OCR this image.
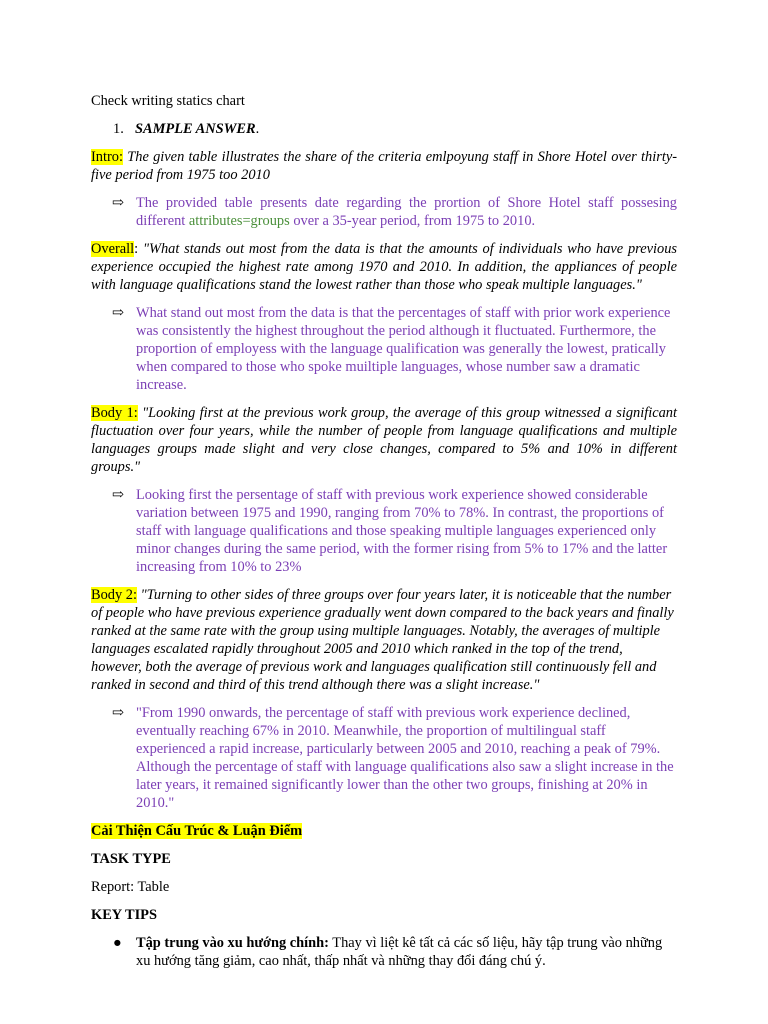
Check writing statics chart

1. SAMPLE ANSWER.

Intro: The given table illustrates the share of the criteria emlpoyung staff in Shore Hotel over thirty-five period from 1975 too 2010

⇨ The provided table presents date regarding the prortion of Shore Hotel staff possesing different attributes=groups over a 35-year period, from 1975 to 2010.

Overall: "What stands out most from the data is that the amounts of individuals who have previous experience occupied the highest rate among 1970 and 2010. In addition, the appliances of people with language qualifications stand the lowest rather than those who speak multiple languages."

⇨ What stand out most from the data is that the percentages of staff with prior work experience was consistently the highest throughout the period although it fluctuated. Furthermore, the proportion of employess with the language qualification was generally the lowest, pratically when compared to those who spoke muiltiple languages, whose number saw a dramatic increase.

Body 1: "Looking first at the previous work group, the average of this group witnessed a significant fluctuation over four years, while the number of people from language qualifications and multiple languages groups made slight and very close changes, compared to 5% and 10% in different groups."

⇨ Looking first the persentage of staff with previous work experience showed considerable variation between 1975 and 1990, ranging from 70% to 78%. In contrast, the proportions of staff with language qualifications and those speaking multiple languages experienced only minor changes during the same period, with the former rising from 5% to 17% and the latter increasing from 10% to 23%

Body 2: "Turning to other sides of three groups over four years later, it is noticeable that the number of people who have previous experience gradually went down compared to the back years and finally ranked at the same rate with the group using multiple languages. Notably, the averages of multiple languages escalated rapidly throughout 2005 and 2010 which ranked in the top of the trend, however, both the average of previous work and languages qualification still continuously fell and ranked in second and third of this trend although there was a slight increase."

⇨ "From 1990 onwards, the percentage of staff with previous work experience declined, eventually reaching 67% in 2010. Meanwhile, the proportion of multilingual staff experienced a rapid increase, particularly between 2005 and 2010, reaching a peak of 79%. Although the percentage of staff with language qualifications also saw a slight increase in the later years, it remained significantly lower than the other two groups, finishing at 20% in 2010."

Cải Thiện Cấu Trúc & Luận Điểm

TASK TYPE

Report: Table

KEY TIPS

● Tập trung vào xu hướng chính: Thay vì liệt kê tất cả các số liệu, hãy tập trung vào những xu hướng tăng giảm, cao nhất, thấp nhất và những thay đổi đáng chú ý.
